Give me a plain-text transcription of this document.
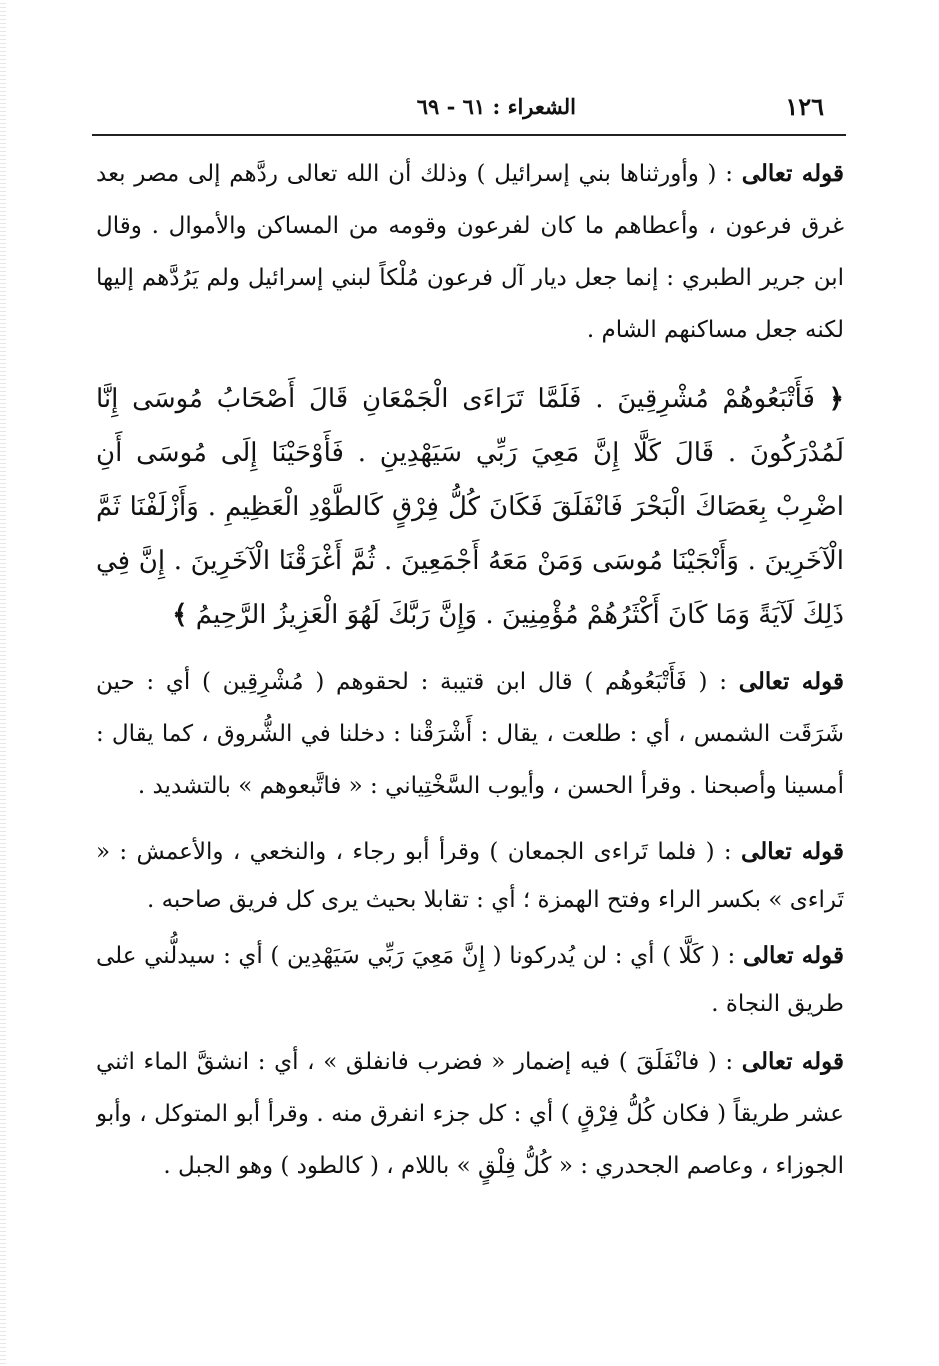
١٢٦
الشعراء : ٦١ - ٦٩

قوله تعالى : ( وأورثناها بني إسرائيل ) وذلك أن الله تعالى ردَّهم إلى مصر بعد غرق فرعون ، وأعطاهم ما كان لفرعون وقومه من المساكن والأموال . وقال ابن جرير الطبري : إنما جعل ديار آل فرعون مُلْكاً لبني إسرائيل ولم يَرُدَّهم إليها لكنه جعل مساكنهم الشام .

﴿ فَأَتْبَعُوهُمْ مُشْرِقِينَ . فَلَمَّا تَرَاءَى الْجَمْعَانِ قَالَ أَصْحَابُ مُوسَى إِنَّا لَمُدْرَكُونَ . قَالَ كَلَّا إِنَّ مَعِيَ رَبِّي سَيَهْدِينِ . فَأَوْحَيْنَا إِلَى مُوسَى أَنِ اضْرِبْ بِعَصَاكَ الْبَحْرَ فَانْفَلَقَ فَكَانَ كُلُّ فِرْقٍ كَالطَّوْدِ الْعَظِيمِ . وَأَزْلَفْنَا ثَمَّ الْآخَرِينَ . وَأَنْجَيْنَا مُوسَى وَمَنْ مَعَهُ أَجْمَعِينَ . ثُمَّ أَغْرَقْنَا الْآخَرِينَ . إِنَّ فِي ذَلِكَ لَآيَةً وَمَا كَانَ أَكْثَرُهُمْ مُؤْمِنِينَ . وَإِنَّ رَبَّكَ لَهُوَ الْعَزِيزُ الرَّحِيمُ ﴾

قوله تعالى : ( فَأَتْبَعُوهُم ) قال ابن قتيبة : لحقوهم ( مُشْرِقِين ) أي : حين شَرَقَت الشمس ، أي : طلعت ، يقال : أَشْرَقْنا : دخلنا في الشُّروق ، كما يقال : أمسينا وأصبحنا . وقرأ الحسن ، وأيوب السَّخْتِياني : « فاتَّبعوهم » بالتشديد .

قوله تعالى : ( فلما تَراءى الجمعان ) وقرأ أبو رجاء ، والنخعي ، والأعمش : « تَراءى » بكسر الراء وفتح الهمزة ؛ أي : تقابلا بحيث يرى كل فريق صاحبه .

قوله تعالى : ( كَلَّا ) أي : لن يُدركونا ( إِنَّ مَعِيَ رَبِّي سَيَهْدِين ) أي : سيدلُّني على طريق النجاة .

قوله تعالى : ( فانْفَلَقَ ) فيه إضمار « فضرب فانفلق » ، أي : انشقَّ الماء اثني عشر طريقاً ( فكان كُلُّ فِرْقٍ ) أي : كل جزء انفرق منه . وقرأ أبو المتوكل ، وأبو الجوزاء ، وعاصم الجحدري : « كُلُّ فِلْقٍ » باللام ، ( كالطود ) وهو الجبل .
